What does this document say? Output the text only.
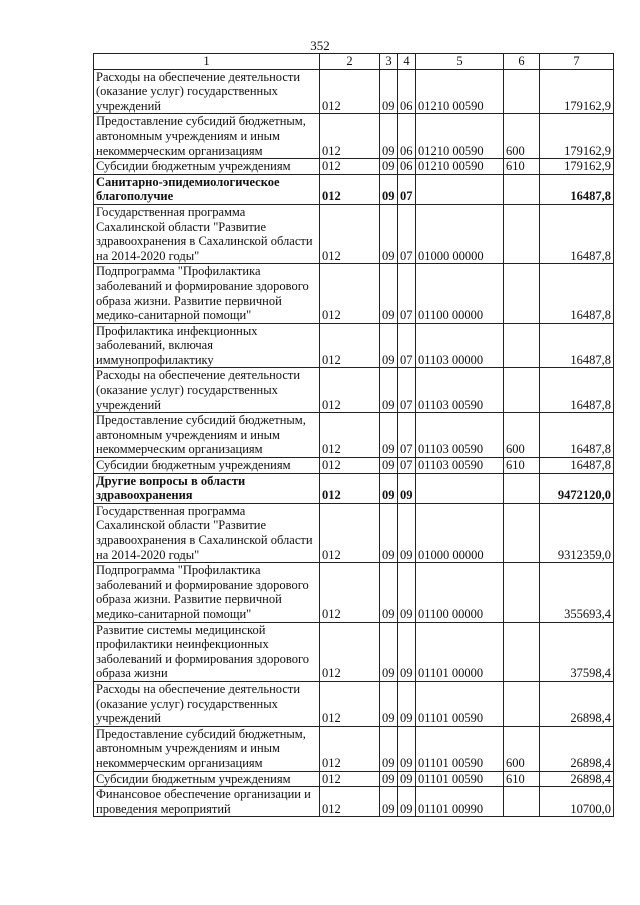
352
1	2	3	4	5	6	7
Расходы на обеспечение деятельности (оказание услуг) государственных учреждений	012	09	06	01210 00590		179162,9
Предоставление субсидий бюджетным, автономным учреждениям и иным некоммерческим организациям	012	09	06	01210 00590	600	179162,9
Субсидии бюджетным учреждениям	012	09	06	01210 00590	610	179162,9
Санитарно-эпидемиологическое благополучие	012	09	07			16487,8
Государственная программа Сахалинской области "Развитие здравоохранения в Сахалинской области на 2014-2020 годы"	012	09	07	01000 00000		16487,8
Подпрограмма "Профилактика заболеваний и формирование здорового образа жизни. Развитие первичной медико-санитарной помощи"	012	09	07	01100 00000		16487,8
Профилактика инфекционных заболеваний, включая иммунопрофилактику	012	09	07	01103 00000		16487,8
Расходы на обеспечение деятельности (оказание услуг) государственных учреждений	012	09	07	01103 00590		16487,8
Предоставление субсидий бюджетным, автономным учреждениям и иным некоммерческим организациям	012	09	07	01103 00590	600	16487,8
Субсидии бюджетным учреждениям	012	09	07	01103 00590	610	16487,8
Другие вопросы в области здравоохранения	012	09	09			9472120,0
Государственная программа Сахалинской области "Развитие здравоохранения в Сахалинской области на 2014-2020 годы"	012	09	09	01000 00000		9312359,0
Подпрограмма "Профилактика заболеваний и формирование здорового образа жизни. Развитие первичной медико-санитарной помощи"	012	09	09	01100 00000		355693,4
Развитие системы медицинской профилактики неинфекционных заболеваний и формирования здорового образа жизни	012	09	09	01101 00000		37598,4
Расходы на обеспечение деятельности (оказание услуг) государственных учреждений	012	09	09	01101 00590		26898,4
Предоставление субсидий бюджетным, автономным учреждениям и иным некоммерческим организациям	012	09	09	01101 00590	600	26898,4
Субсидии бюджетным учреждениям	012	09	09	01101 00590	610	26898,4
Финансовое обеспечение организации и проведения мероприятий	012	09	09	01101 00990		10700,0
